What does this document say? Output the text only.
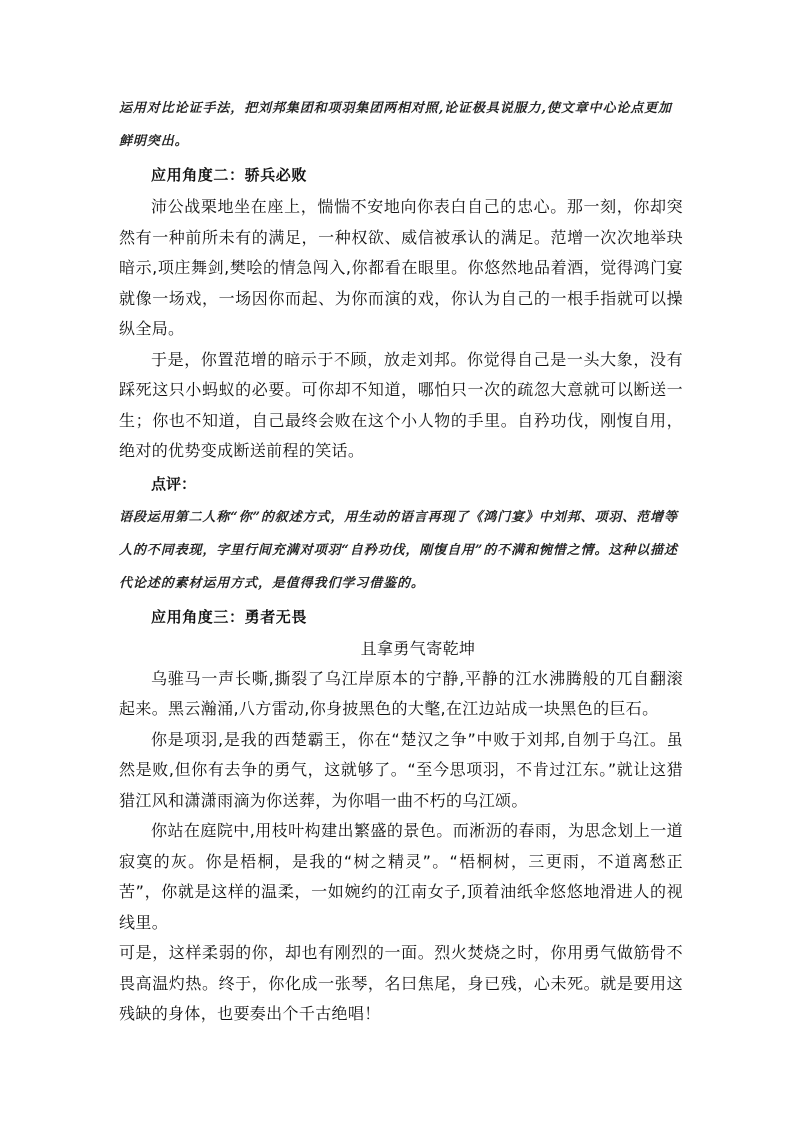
运用对比论证手法，把刘邦集团和项羽集团两相对照,论证极具说服力,使文章中心论点更加鲜明突出。

应用角度二：骄兵必败

沛公战栗地坐在座上，惴惴不安地向你表白自己的忠心。那一刻，你却突然有一种前所未有的满足，一种权欲、威信被承认的满足。范增一次次地举玦暗示,项庄舞剑,樊哙的情急闯入,你都看在眼里。你悠然地品着酒，觉得鸿门宴就像一场戏，一场因你而起、为你而演的戏，你认为自己的一根手指就可以操纵全局。

于是，你置范增的暗示于不顾，放走刘邦。你觉得自己是一头大象，没有踩死这只小蚂蚁的必要。可你却不知道，哪怕只一次的疏忽大意就可以断送一生；你也不知道，自己最终会败在这个小人物的手里。自矜功伐，刚愎自用，绝对的优势变成断送前程的笑话。

点评：

语段运用第二人称“你”的叙述方式，用生动的语言再现了《鸿门宴》中刘邦、项羽、范增等人的不同表现，字里行间充满对项羽“自矜功伐，刚愎自用”的不满和惋惜之情。这种以描述代论述的素材运用方式，是值得我们学习借鉴的。

应用角度三：勇者无畏

且拿勇气寄乾坤

乌骓马一声长嘶,撕裂了乌江岸原本的宁静,平静的江水沸腾般的兀自翻滚起来。黑云瀚涌,八方雷动,你身披黑色的大氅,在江边站成一块黑色的巨石。

你是项羽,是我的西楚霸王，你在“楚汉之争”中败于刘邦,自刎于乌江。虽然是败,但你有去争的勇气，这就够了。“至今思项羽，不肯过江东。”就让这猎猎江风和潇潇雨滴为你送葬，为你唱一曲不朽的乌江颂。

你站在庭院中,用枝叶构建出繁盛的景色。而淅沥的春雨，为思念划上一道寂寞的灰。你是梧桐，是我的“树之精灵”。“梧桐树，三更雨，不道离愁正苦”，你就是这样的温柔，一如婉约的江南女子,顶着油纸伞悠悠地滑进人的视线里。

可是，这样柔弱的你，却也有刚烈的一面。烈火焚烧之时，你用勇气做筋骨不畏高温灼热。终于，你化成一张琴，名曰焦尾，身已残，心未死。就是要用这残缺的身体，也要奏出个千古绝唱！
